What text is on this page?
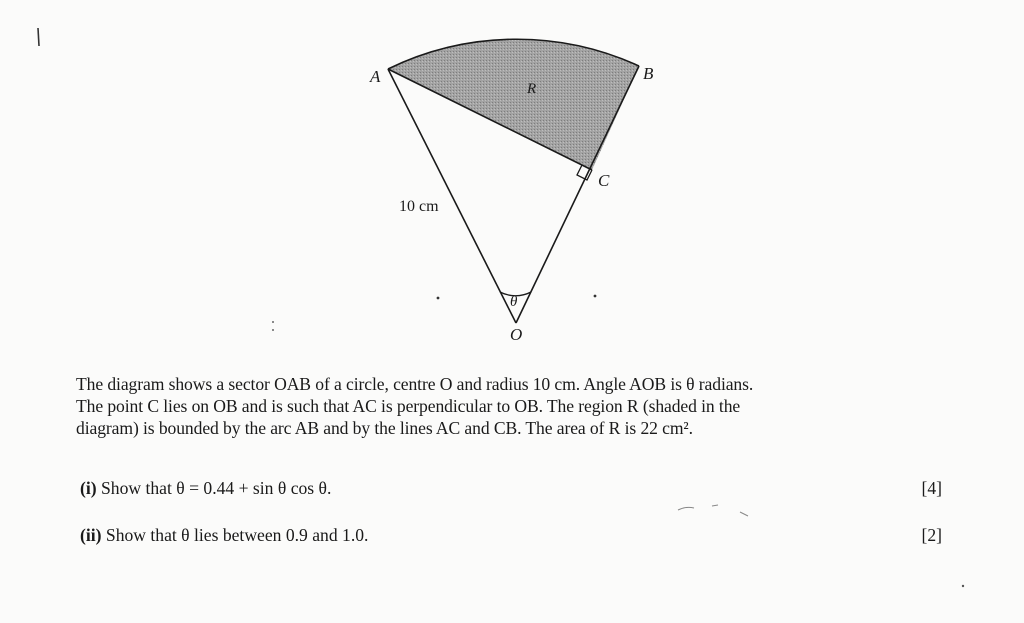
A	B
C
O
R
θ
10 cm
The diagram shows a sector OAB of a circle, centre O and radius 10 cm. Angle AOB is θ radians.
The point C lies on OB and is such that AC is perpendicular to OB. The region R (shaded in the
diagram) is bounded by the arc AB and by the lines AC and CB. The area of R is 22 cm².
(i) Show that θ = 0.44 + sin θ cos θ.	[4]
(ii) Show that θ lies between 0.9 and 1.0.	[2]
